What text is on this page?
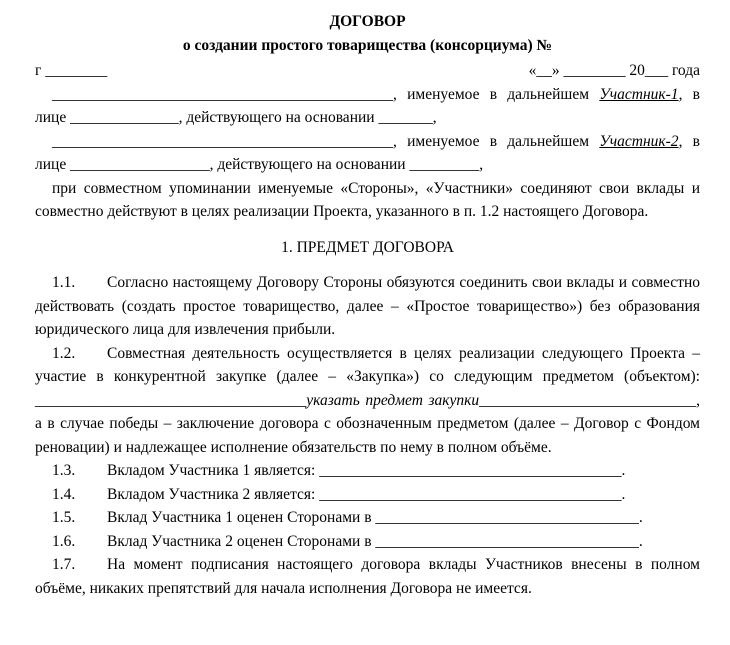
ДОГОВОР
о создании простого товарищества (консорциума) №
г ________	«__» ________ 20___ года

____________________________________________, именуемое в дальнейшем Участник-1, в лице ______________, действующего на основании _______,

____________________________________________, именуемое в дальнейшем Участник-2, в лице __________________, действующего на основании _________,

при совместном упоминании именуемые «Стороны», «Участники» соединяют свои вклады и совместно действуют в целях реализации Проекта, указанного в п. 1.2 настоящего Договора.

1. ПРЕДМЕТ ДОГОВОРА

1.1. Согласно настоящему Договору Стороны обязуются соединить свои вклады и совместно действовать (создать простое товарищество, далее – «Простое товарищество») без образования юридического лица для извлечения прибыли.

1.2. Совместная деятельность осуществляется в целях реализации следующего Проекта – участие в конкурентной закупке (далее – «Закупка») со следующим предметом (объектом): ___________________________________указать предмет закупки____________________________, а в случае победы – заключение договора с обозначенным предметом (далее – Договор с Фондом реновации) и надлежащее исполнение обязательств по нему в полном объёме.

1.3. Вкладом Участника 1 является: _______________________________________.

1.4. Вкладом Участника 2 является: _______________________________________.

1.5. Вклад Участника 1 оценен Сторонами в __________________________________.

1.6. Вклад Участника 2 оценен Сторонами в __________________________________.

1.7. На момент подписания настоящего договора вклады Участников внесены в полном объёме, никаких препятствий для начала исполнения Договора не имеется.
